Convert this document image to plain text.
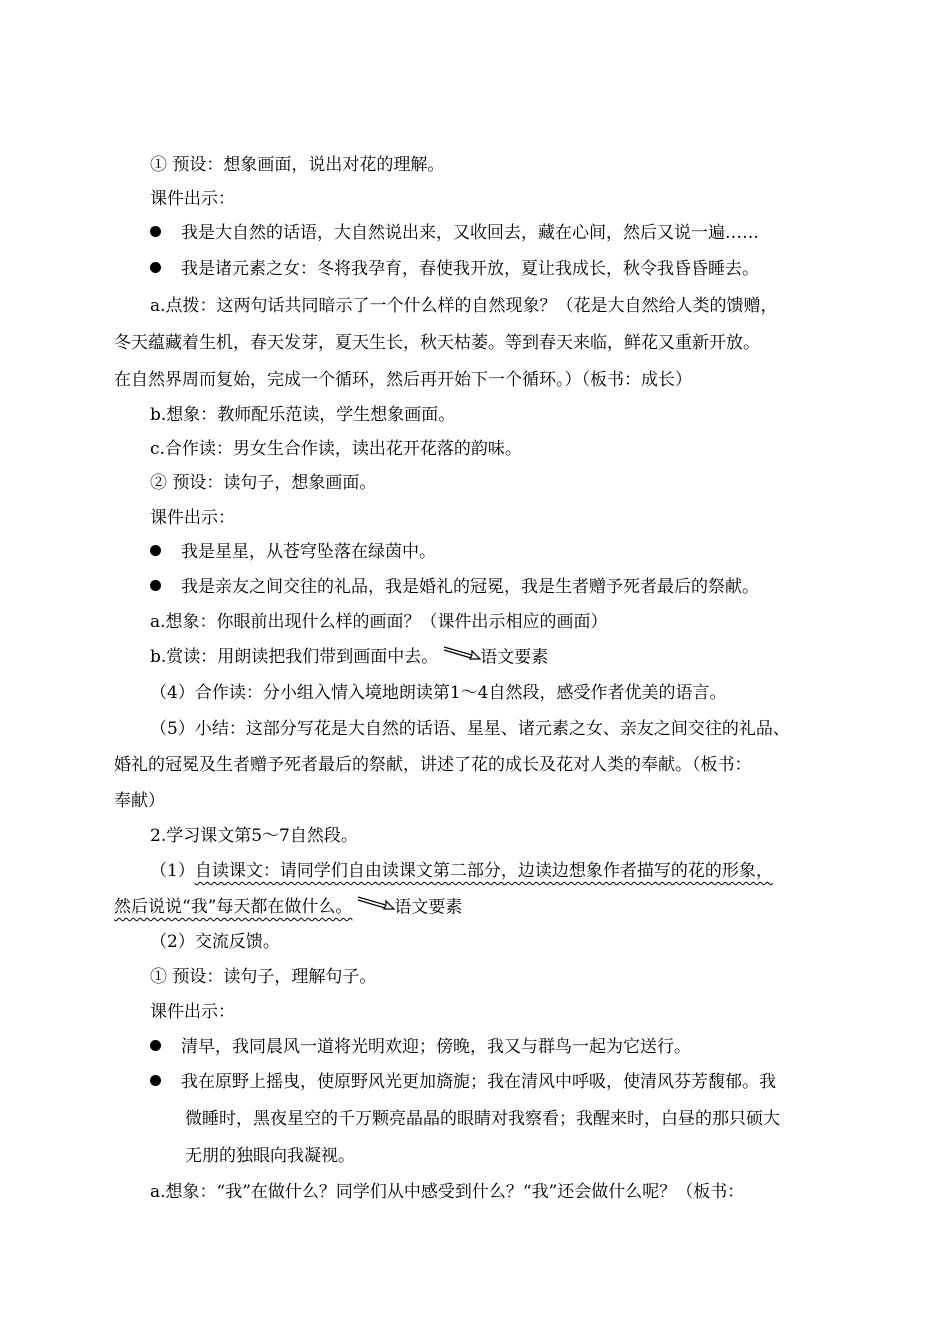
① 预设：想象画面，说出对花的理解。
课件出示：
我是大自然的话语，大自然说出来，又收回去，藏在心间，然后又说一遍……
我是诸元素之女：冬将我孕育，春使我开放，夏让我成长，秋令我昏昏睡去。
a.点拨：这两句话共同暗示了一个什么样的自然现象？（花是大自然给人类的馈赠，
冬天蕴藏着生机，春天发芽，夏天生长，秋天枯萎。等到春天来临，鲜花又重新开放。
在自然界周而复始，完成一个循环，然后再开始下一个循环。）（板书：成长）
b.想象：教师配乐范读，学生想象画面。
c.合作读：男女生合作读，读出花开花落的韵味。
② 预设：读句子，想象画面。
课件出示：
我是星星，从苍穹坠落在绿茵中。
我是亲友之间交往的礼品，我是婚礼的冠冕，我是生者赠予死者最后的祭献。
a.想象：你眼前出现什么样的画面？（课件出示相应的画面）
b.赏读：用朗读把我们带到画面中去。 语文要素
（4）合作读：分小组入情入境地朗读第1～4自然段，感受作者优美的语言。
（5）小结：这部分写花是大自然的话语、星星、诸元素之女、亲友之间交往的礼品、
婚礼的冠冕及生者赠予死者最后的祭献，讲述了花的成长及花对人类的奉献。（板书：
奉献）
2.学习课文第5～7自然段。
（1）自读课文：请同学们自由读课文第二部分，边读边想象作者描写的花的形象，
然后说说“我”每天都在做什么。 语文要素
（2）交流反馈。
① 预设：读句子，理解句子。
课件出示：
清早，我同晨风一道将光明欢迎；傍晚，我又与群鸟一起为它送行。
我在原野上摇曳，使原野风光更加旖旎；我在清风中呼吸，使清风芬芳馥郁。我
微睡时，黑夜星空的千万颗亮晶晶的眼睛对我察看；我醒来时，白昼的那只硕大
无朋的独眼向我凝视。
a.想象：“我”在做什么？同学们从中感受到什么？“我”还会做什么呢？（板书：
